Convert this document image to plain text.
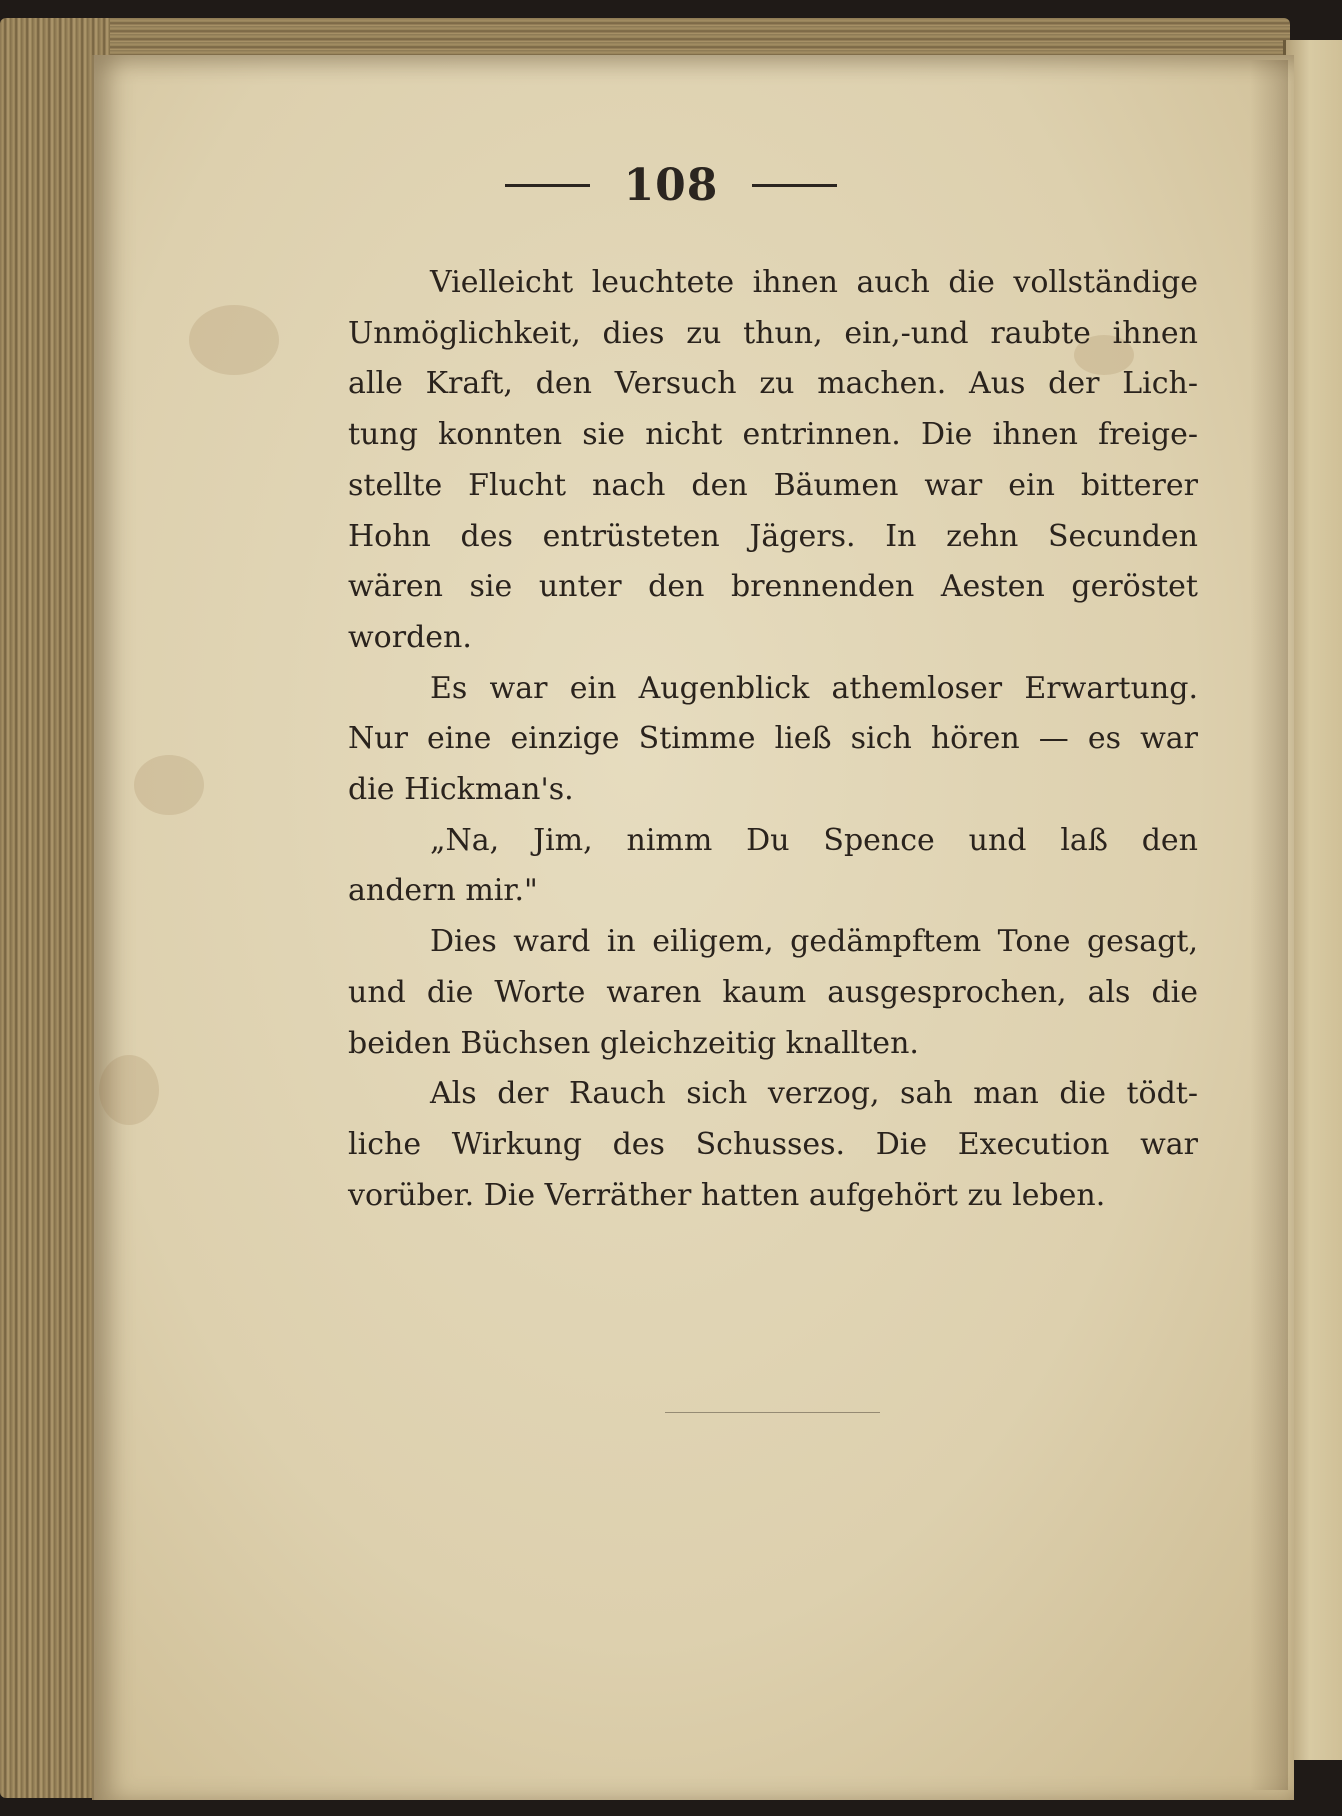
108
Vielleicht leuchtete ihnen auch die vollständige
Unmöglichkeit, dies zu thun, ein,-und raubte ihnen
alle Kraft, den Versuch zu machen. Aus der Lich-
tung konnten sie nicht entrinnen. Die ihnen freige-
stellte Flucht nach den Bäumen war ein bitterer
Hohn des entrüsteten Jägers. In zehn Secunden
wären sie unter den brennenden Aesten geröstet
worden.
Es war ein Augenblick athemloser Erwartung.
Nur eine einzige Stimme ließ sich hören — es war
die Hickman's.
„Na, Jim, nimm Du Spence und laß den
andern mir."
Dies ward in eiligem, gedämpftem Tone gesagt,
und die Worte waren kaum ausgesprochen, als die
beiden Büchsen gleichzeitig knallten.
Als der Rauch sich verzog, sah man die tödt-
liche Wirkung des Schusses. Die Execution war
vorüber. Die Verräther hatten aufgehört zu leben.
